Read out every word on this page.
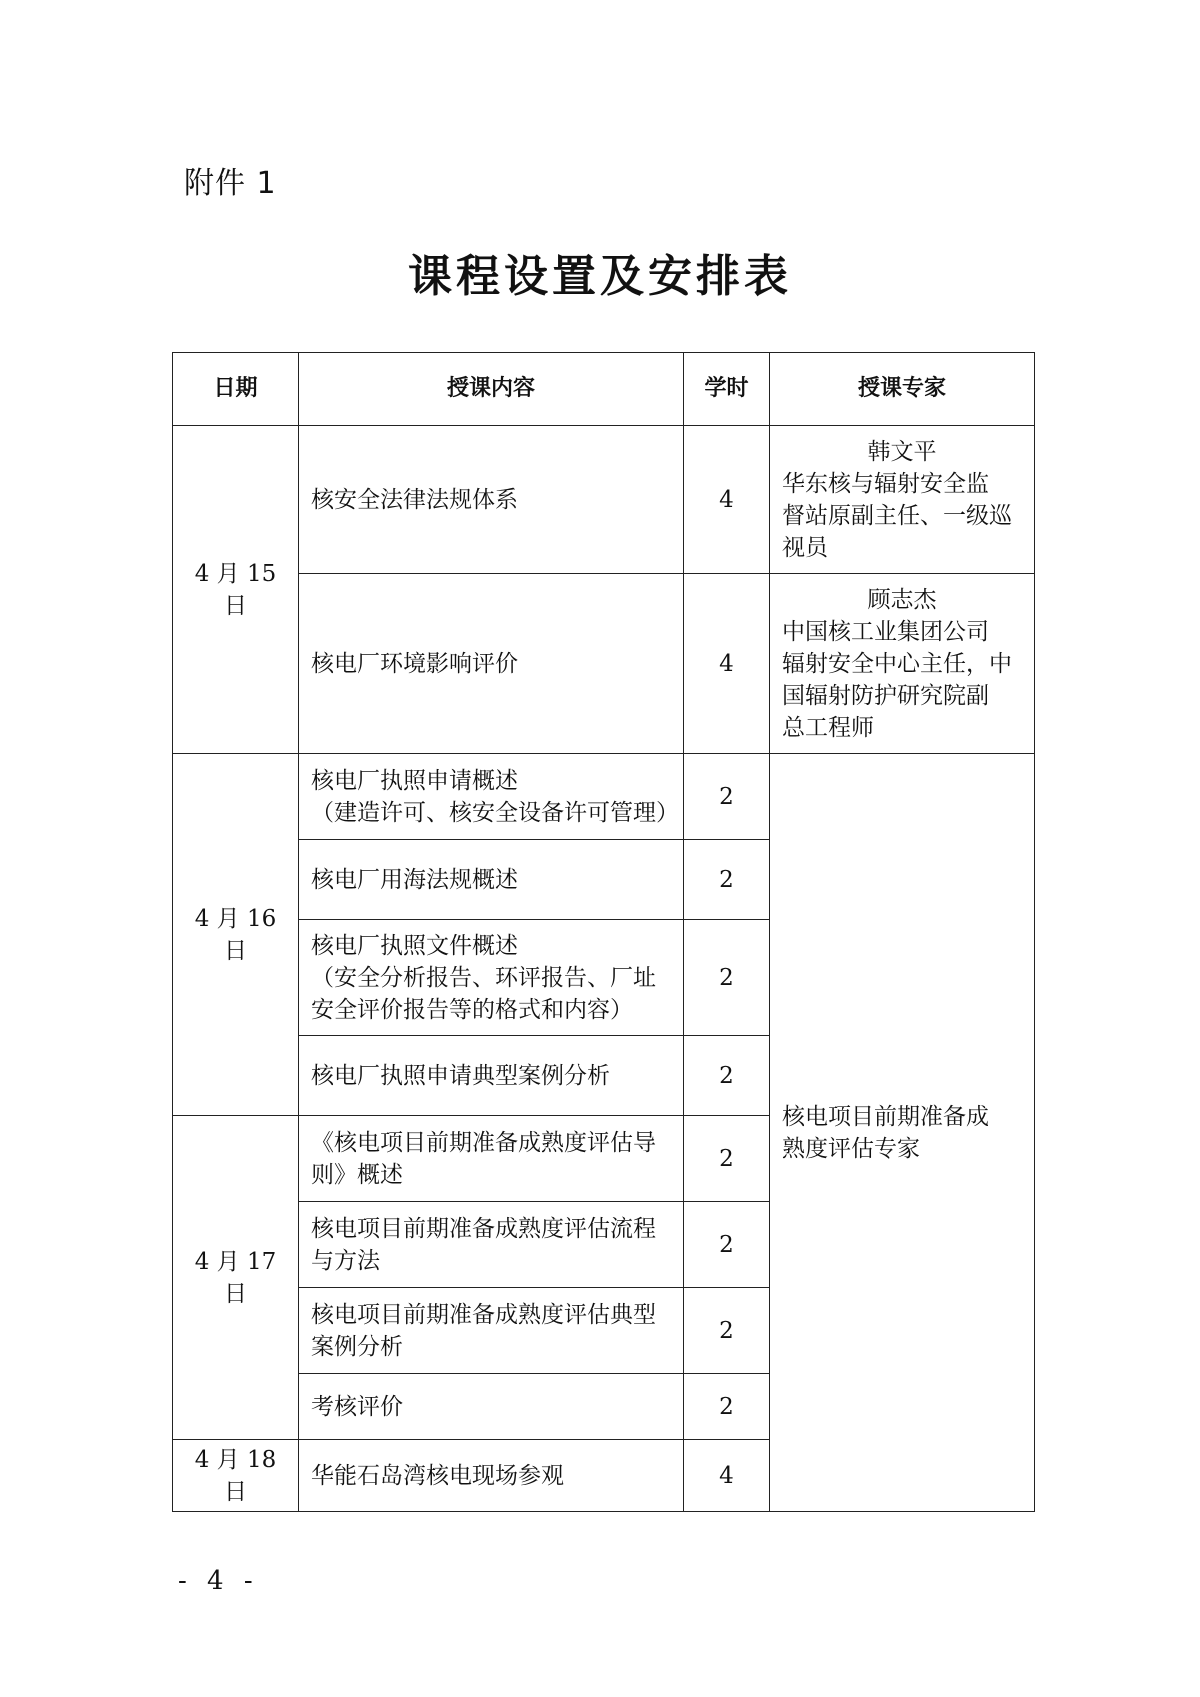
附件 1
课程设置及安排表
日期	授课内容	学时	授课专家
4 月 15 日	核安全法律法规体系	4	韩文平
华东核与辐射安全监
督站原副主任、一级巡
视员
	核电厂环境影响评价	4	顾志杰
中国核工业集团公司
辐射安全中心主任，中
国辐射防护研究院副
总工程师
4 月 16 日	核电厂执照申请概述
（建造许可、核安全设备许可管理）	2	核电项目前期准备成
熟度评估专家
	核电厂用海法规概述	2	
	核电厂执照文件概述
（安全分析报告、环评报告、厂址
安全评价报告等的格式和内容）	2	
	核电厂执照申请典型案例分析	2	
4 月 17 日	《核电项目前期准备成熟度评估导
则》概述	2	
	核电项目前期准备成熟度评估流程
与方法	2	
	核电项目前期准备成熟度评估典型
案例分析	2	
	考核评价	2	
4 月 18 日	华能石岛湾核电现场参观	4	
- 4 -
